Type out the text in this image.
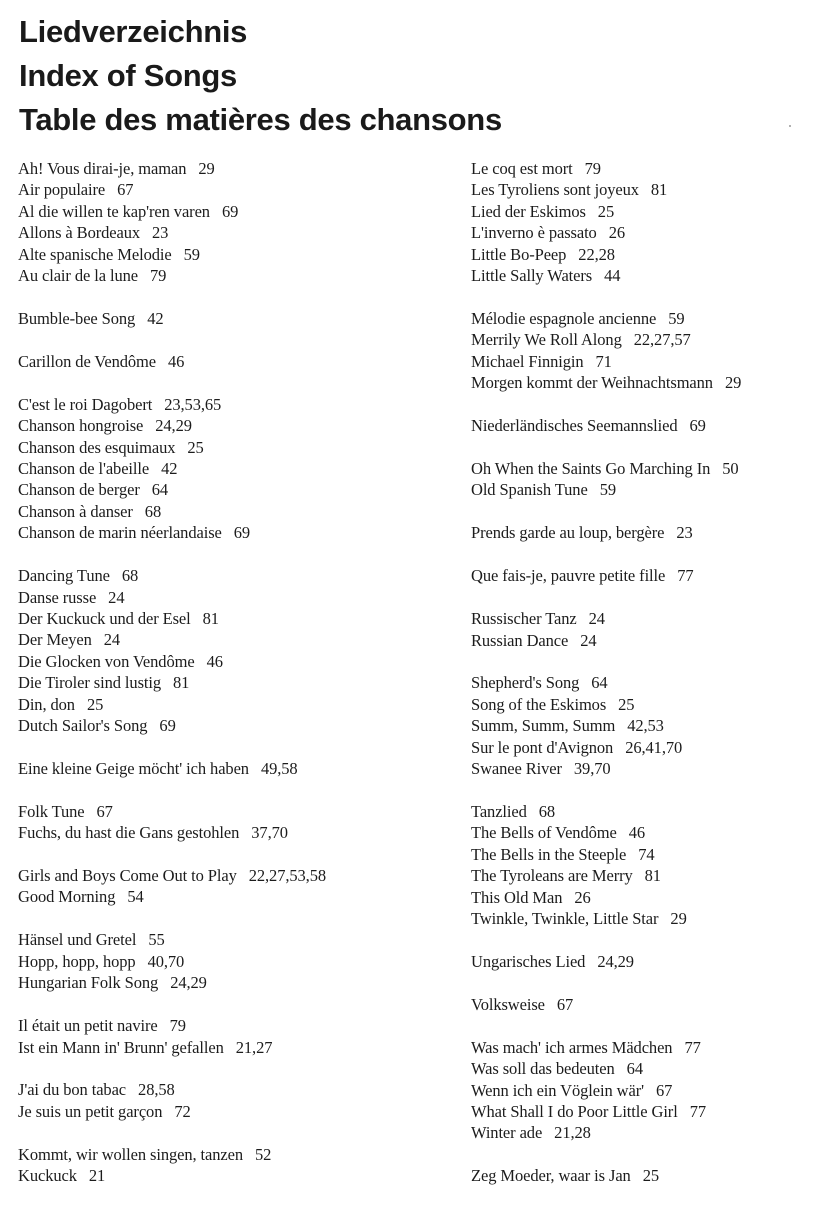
Liedverzeichnis
Index of Songs
Table des matières des chansons
Ah! Vous dirai-je, maman 29
Air populaire 67
Al die willen te kap'ren varen 69
Allons à Bordeaux 23
Alte spanische Melodie 59
Au clair de la lune 79
Bumble-bee Song 42
Carillon de Vendôme 46
C'est le roi Dagobert 23,53,65
Chanson hongroise 24,29
Chanson des esquimaux 25
Chanson de l'abeille 42
Chanson de berger 64
Chanson à danser 68
Chanson de marin néerlandaise 69
Dancing Tune 68
Danse russe 24
Der Kuckuck und der Esel 81
Der Meyen 24
Die Glocken von Vendôme 46
Die Tiroler sind lustig 81
Din, don 25
Dutch Sailor's Song 69
Eine kleine Geige möcht' ich haben 49,58
Folk Tune 67
Fuchs, du hast die Gans gestohlen 37,70
Girls and Boys Come Out to Play 22,27,53,58
Good Morning 54
Hänsel und Gretel 55
Hopp, hopp, hopp 40,70
Hungarian Folk Song 24,29
Il était un petit navire 79
Ist ein Mann in' Brunn' gefallen 21,27
J'ai du bon tabac 28,58
Je suis un petit garçon 72
Kommt, wir wollen singen, tanzen 52
Kuckuck 21
Le coq est mort 79
Les Tyroliens sont joyeux 81
Lied der Eskimos 25
L'inverno è passato 26
Little Bo-Peep 22,28
Little Sally Waters 44
Mélodie espagnole ancienne 59
Merrily We Roll Along 22,27,57
Michael Finnigin 71
Morgen kommt der Weihnachtsmann 29
Niederländisches Seemannslied 69
Oh When the Saints Go Marching In 50
Old Spanish Tune 59
Prends garde au loup, bergère 23
Que fais-je, pauvre petite fille 77
Russischer Tanz 24
Russian Dance 24
Shepherd's Song 64
Song of the Eskimos 25
Summ, Summ, Summ 42,53
Sur le pont d'Avignon 26,41,70
Swanee River 39,70
Tanzlied 68
The Bells of Vendôme 46
The Bells in the Steeple 74
The Tyroleans are Merry 81
This Old Man 26
Twinkle, Twinkle, Little Star 29
Ungarisches Lied 24,29
Volksweise 67
Was mach' ich armes Mädchen 77
Was soll das bedeuten 64
Wenn ich ein Vöglein wär' 67
What Shall I do Poor Little Girl 77
Winter ade 21,28
Zeg Moeder, waar is Jan 25
